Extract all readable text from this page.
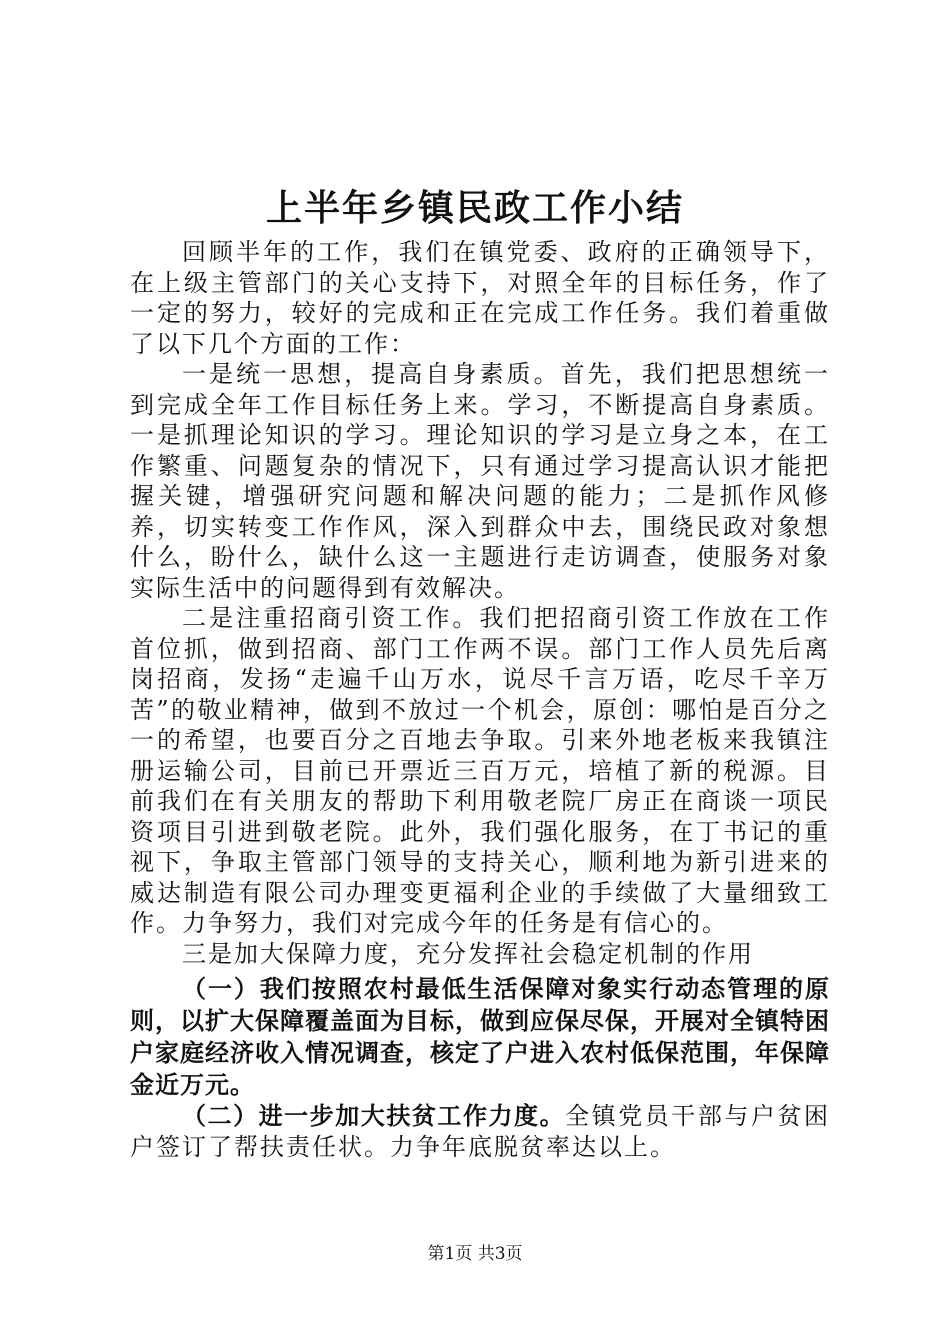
上半年乡镇民政工作小结

回顾半年的工作，我们在镇党委、政府的正确领导下，在上级主管部门的关心支持下，对照全年的目标任务，作了一定的努力，较好的完成和正在完成工作任务。我们着重做了以下几个方面的工作：

一是统一思想，提高自身素质。首先，我们把思想统一到完成全年工作目标任务上来。学习，不断提高自身素质。一是抓理论知识的学习。理论知识的学习是立身之本，在工作繁重、问题复杂的情况下，只有通过学习提高认识才能把握关键，增强研究问题和解决问题的能力；二是抓作风修养，切实转变工作作风，深入到群众中去，围绕民政对象想什么，盼什么，缺什么这一主题进行走访调查，使服务对象实际生活中的问题得到有效解决。

二是注重招商引资工作。我们把招商引资工作放在工作首位抓，做到招商、部门工作两不误。部门工作人员先后离岗招商，发扬“走遍千山万水，说尽千言万语，吃尽千辛万苦”的敬业精神，做到不放过一个机会，原创：哪怕是百分之一的希望，也要百分之百地去争取。引来外地老板来我镇注册运输公司，目前已开票近三百万元，培植了新的税源。目前我们在有关朋友的帮助下利用敬老院厂房正在商谈一项民资项目引进到敬老院。此外，我们强化服务，在丁书记的重视下，争取主管部门领导的支持关心，顺利地为新引进来的威达制造有限公司办理变更福利企业的手续做了大量细致工作。力争努力，我们对完成今年的任务是有信心的。

三是加大保障力度，充分发挥社会稳定机制的作用

（一）我们按照农村最低生活保障对象实行动态管理的原则，以扩大保障覆盖面为目标，做到应保尽保，开展对全镇特困户家庭经济收入情况调查，核定了户进入农村低保范围，年保障金近万元。

（二）进一步加大扶贫工作力度。全镇党员干部与户贫困户签订了帮扶责任状。力争年底脱贫率达以上。

第1页 共3页
